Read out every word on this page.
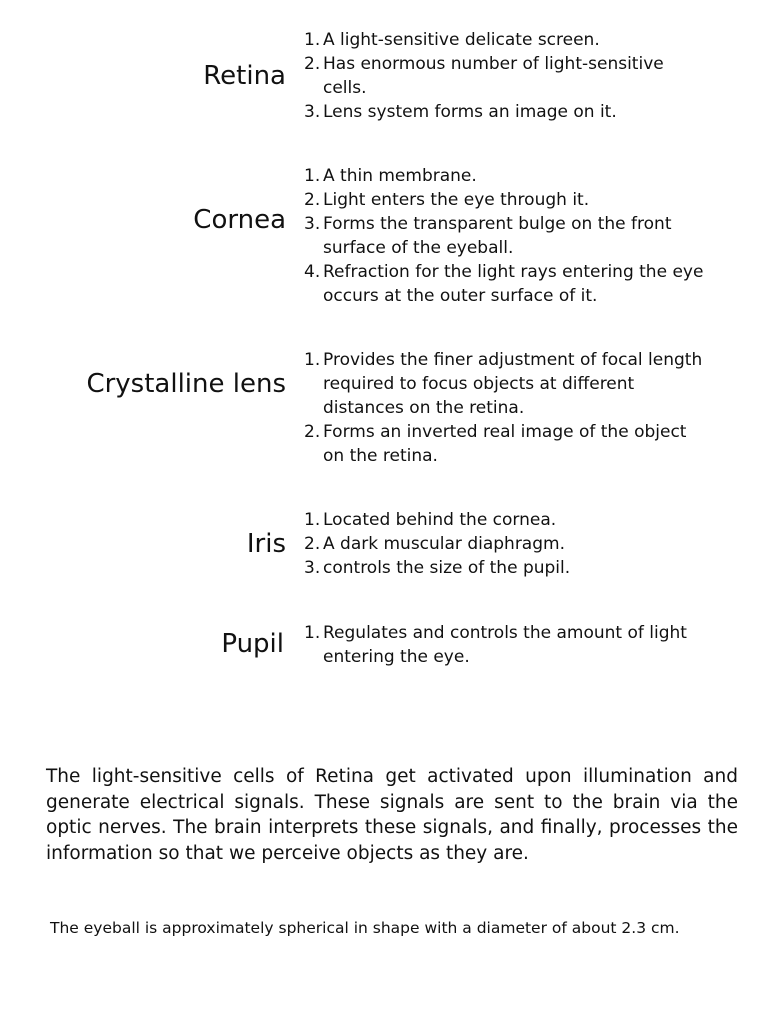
Retina
1. A light-sensitive delicate screen.
2. Has enormous number of light-sensitive cells.
3. Lens system forms an image on it.
Cornea
1. A thin membrane.
2. Light enters the eye through it.
3. Forms the transparent bulge on the front surface of the eyeball.
4. Refraction for the light rays entering the eye occurs at the outer surface of it.
Crystalline lens
1. Provides the finer adjustment of focal length required to focus objects at different distances on the retina.
2. Forms an inverted real image of the object on the retina.
Iris
1. Located behind the cornea.
2. A dark muscular diaphragm.
3. controls the size of the pupil.
Pupil 1. Regulates and controls the amount of light entering the eye.

The light-sensitive cells of Retina get activated upon illumination and generate electrical signals. These signals are sent to the brain via the optic nerves. The brain interprets these signals, and finally, processes the information so that we perceive objects as they are.

The eyeball is approximately spherical in shape with a diameter of about 2.3 cm.
